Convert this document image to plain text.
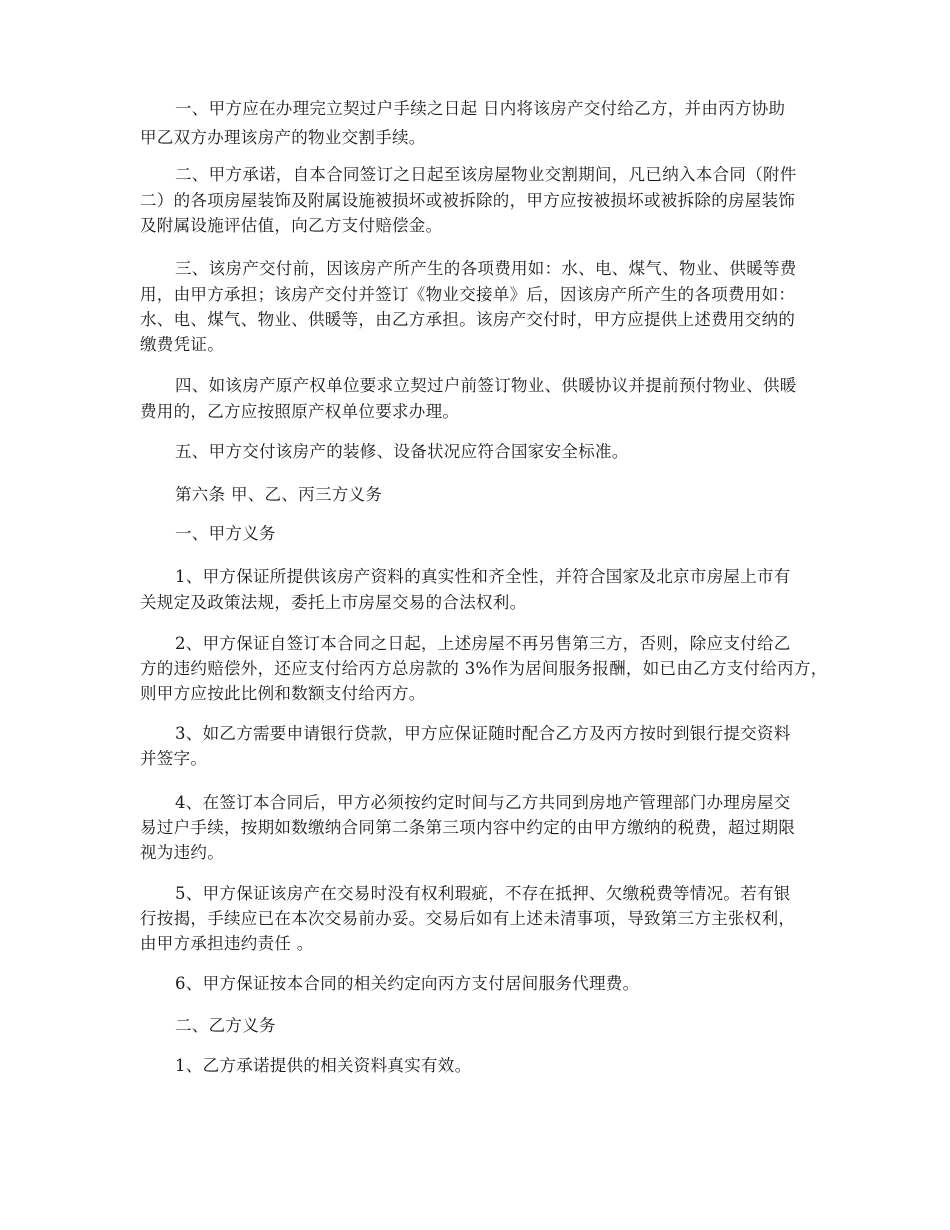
一、甲方应在办理完立契过户手续之日起 日内将该房产交付给乙方，并由丙方协助
甲乙双方办理该房产的物业交割手续。
二、甲方承诺，自本合同签订之日起至该房屋物业交割期间，凡已纳入本合同（附件
二）的各项房屋装饰及附属设施被损坏或被拆除的，甲方应按被损坏或被拆除的房屋装饰
及附属设施评估值，向乙方支付赔偿金。
三、该房产交付前，因该房产所产生的各项费用如：水、电、煤气、物业、供暖等费
用，由甲方承担；该房产交付并签订《物业交接单》后，因该房产所产生的各项费用如：
水、电、煤气、物业、供暖等，由乙方承担。该房产交付时，甲方应提供上述费用交纳的
缴费凭证。
四、如该房产原产权单位要求立契过户前签订物业、供暖协议并提前预付物业、供暖
费用的，乙方应按照原产权单位要求办理。
五、甲方交付该房产的装修、设备状况应符合国家安全标准。
第六条 甲、乙、丙三方义务
一、甲方义务
1、甲方保证所提供该房产资料的真实性和齐全性，并符合国家及北京市房屋上市有
关规定及政策法规，委托上市房屋交易的合法权利。
2、甲方保证自签订本合同之日起，上述房屋不再另售第三方，否则，除应支付给乙
方的违约赔偿外，还应支付给丙方总房款的 3%作为居间服务报酬，如已由乙方支付给丙方，
则甲方应按此比例和数额支付给丙方。
3、如乙方需要申请银行贷款，甲方应保证随时配合乙方及丙方按时到银行提交资料
并签字。
4、在签订本合同后，甲方必须按约定时间与乙方共同到房地产管理部门办理房屋交
易过户手续，按期如数缴纳合同第二条第三项内容中约定的由甲方缴纳的税费，超过期限
视为违约。
5、甲方保证该房产在交易时没有权利瑕疵，不存在抵押、欠缴税费等情况。若有银
行按揭，手续应已在本次交易前办妥。交易后如有上述未清事项，导致第三方主张权利，
由甲方承担违约责任 。
6、甲方保证按本合同的相关约定向丙方支付居间服务代理费。
二、乙方义务
1、乙方承诺提供的相关资料真实有效。
